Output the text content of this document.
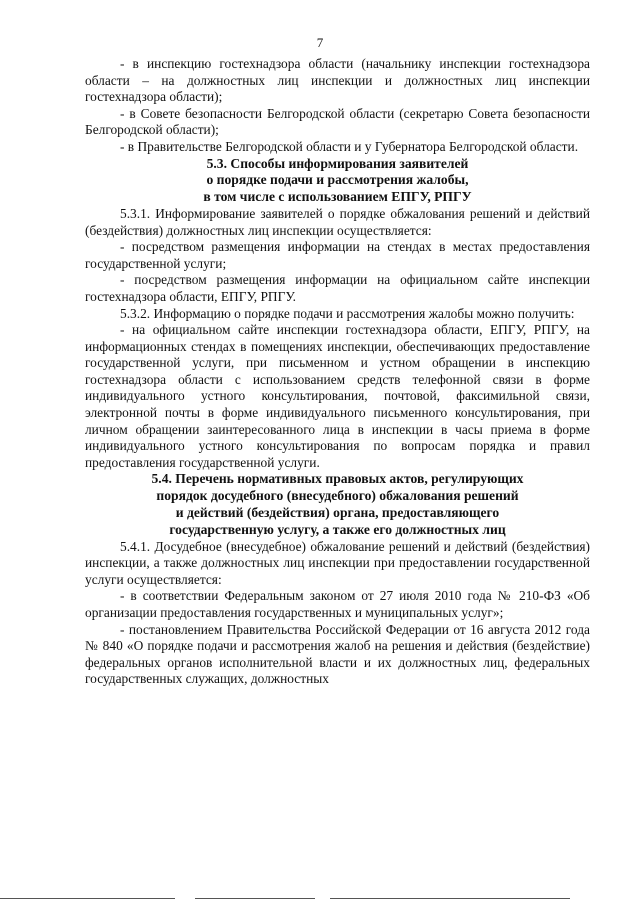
7

- в инспекцию гостехнадзора области (начальнику инспекции гостехнадзора области – на должностных лиц инспекции и должностных лиц инспекции гостехнадзора области);

- в Совете безопасности Белгородской области (секретарю Совета безопасности Белгородской области);

- в Правительстве Белгородской области и у Губернатора Белгородской области.

5.3. Способы информирования заявителей
о порядке подачи и рассмотрения жалобы,
в том числе с использованием ЕПГУ, РПГУ

5.3.1. Информирование заявителей о порядке обжалования решений и действий (бездействия) должностных лиц инспекции осуществляется:

- посредством размещения информации на стендах в местах предоставления государственной услуги;

- посредством размещения информации на официальном сайте инспекции гостехнадзора области, ЕПГУ, РПГУ.

5.3.2. Информацию о порядке подачи и рассмотрения жалобы можно получить:

- на официальном сайте инспекции гостехнадзора области, ЕПГУ, РПГУ, на информационных стендах в помещениях инспекции, обеспечивающих предоставление государственной услуги, при письменном и устном обращении в инспекцию гостехнадзора области с использованием средств телефонной связи в форме индивидуального устного консультирования, почтовой, факсимильной связи, электронной почты в форме индивидуального письменного консультирования, при личном обращении заинтересованного лица в инспекции в часы приема в форме индивидуального устного консультирования по вопросам порядка и правил предоставления государственной услуги.

5.4. Перечень нормативных правовых актов, регулирующих
порядок досудебного (внесудебного) обжалования решений
и действий (бездействия) органа, предоставляющего
государственную услугу, а также его должностных лиц

5.4.1. Досудебное (внесудебное) обжалование решений и действий (бездействия) инспекции, а также должностных лиц инспекции при предоставлении государственной услуги осуществляется:

- в соответствии Федеральным законом от 27 июля 2010 года № 210-ФЗ «Об организации предоставления государственных и муниципальных услуг»;

- постановлением Правительства Российской Федерации от 16 августа 2012 года № 840 «О порядке подачи и рассмотрения жалоб на решения и действия (бездействие) федеральных органов исполнительной власти и их должностных лиц, федеральных государственных служащих, должностных
